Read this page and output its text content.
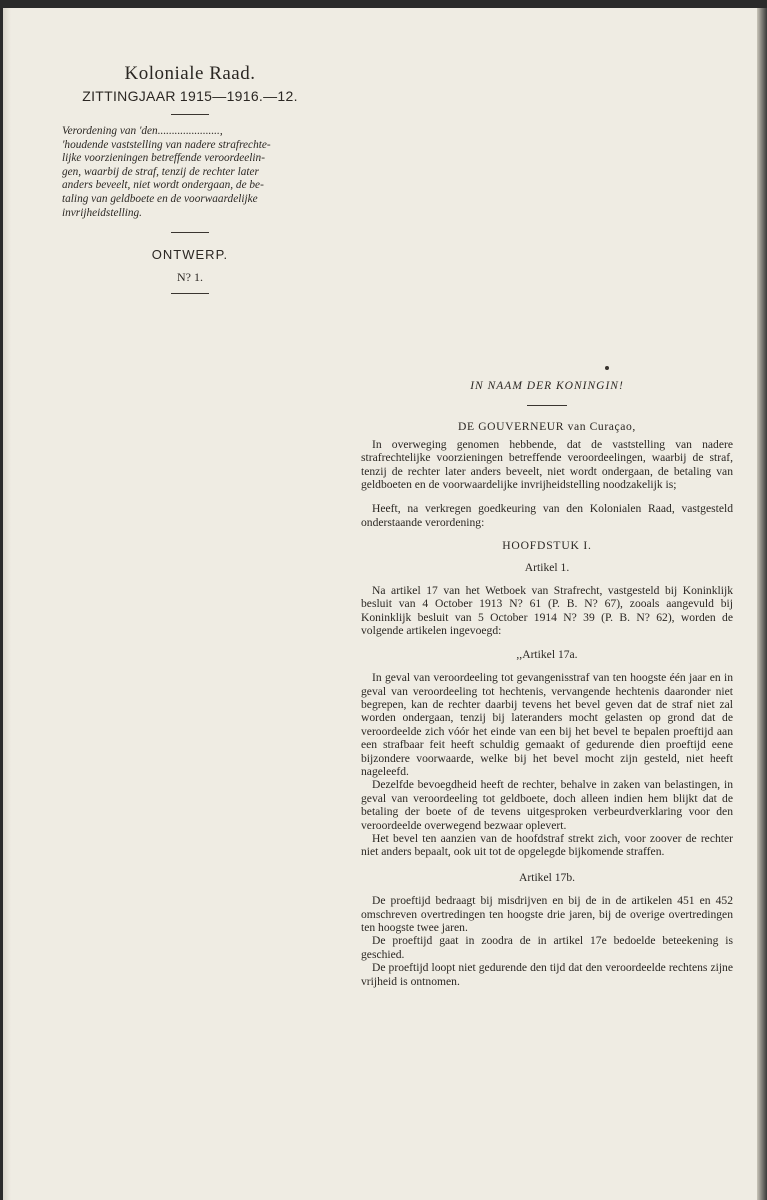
Koloniale Raad.
ZITTINGJAAR 1915—1916.—12.
Verordening van 'den......................,
'houdende vaststelling van nadere strafrechte-
lijke voorzieningen betreffende veroordeelin-
gen, waarbij de straf, tenzij de rechter later
anders beveelt, niet wordt ondergaan, de be-
taling van geldboete en de voorwaardelijke
invrijheidstelling.
ONTWERP.
N? 1.
IN NAAM DER KONINGIN!
DE GOUVERNEUR van Curaçao,

In overweging genomen hebbende, dat de vaststelling van nadere strafrechtelijke voorzieningen betreffende veroordeelingen, waarbij de straf, tenzij de rechter later anders beveelt, niet wordt ondergaan, de betaling van geldboeten en de voorwaardelijke invrijheidstelling noodzakelijk is;

Heeft, na verkregen goedkeuring van den Kolonialen Raad, vastgesteld onderstaande verordening:

HOOFDSTUK I.
Artikel 1.

Na artikel 17 van het Wetboek van Strafrecht, vastgesteld bij Koninklijk besluit van 4 October 1913 N? 61 (P. B. N? 67), zooals aangevuld bij Koninklijk besluit van 5 October 1914 N? 39 (P. B. N? 62), worden de volgende artikelen ingevoegd:

,,Artikel 17a.

In geval van veroordeeling tot gevangenisstraf van ten hoogste één jaar en in geval van veroordeeling tot hechtenis, vervangende hechtenis daaronder niet begrepen, kan de rechter daarbij tevens het bevel geven dat de straf niet zal worden ondergaan, tenzij bij lateranders mocht gelasten op grond dat de veroordeelde zich vóór het einde van een bij het bevel te bepalen proeftijd aan een strafbaar feit heeft schuldig gemaakt of gedurende dien proeftijd eene bijzondere voorwaarde, welke bij het bevel mocht zijn gesteld, niet heeft nageleefd.

Dezelfde bevoegdheid heeft de rechter, behalve in zaken van belastingen, in geval van veroordeeling tot geldboete, doch alleen indien hem blijkt dat de betaling der boete of de tevens uitgesproken verbeurdverklaring voor den veroordeelde overwegend bezwaar oplevert.

Het bevel ten aanzien van de hoofdstraf strekt zich, voor zoover de rechter niet anders bepaalt, ook uit tot de opgelegde bijkomende straffen.

Artikel 17b.

De proeftijd bedraagt bij misdrijven en bij de in de artikelen 451 en 452 omschreven overtredingen ten hoogste drie jaren, bij de overige overtredingen ten hoogste twee jaren.

De proeftijd gaat in zoodra de in artikel 17e bedoelde beteekening is geschied.

De proeftijd loopt niet gedurende den tijd dat den veroordeelde rechtens zijne vrijheid is ontnomen.
